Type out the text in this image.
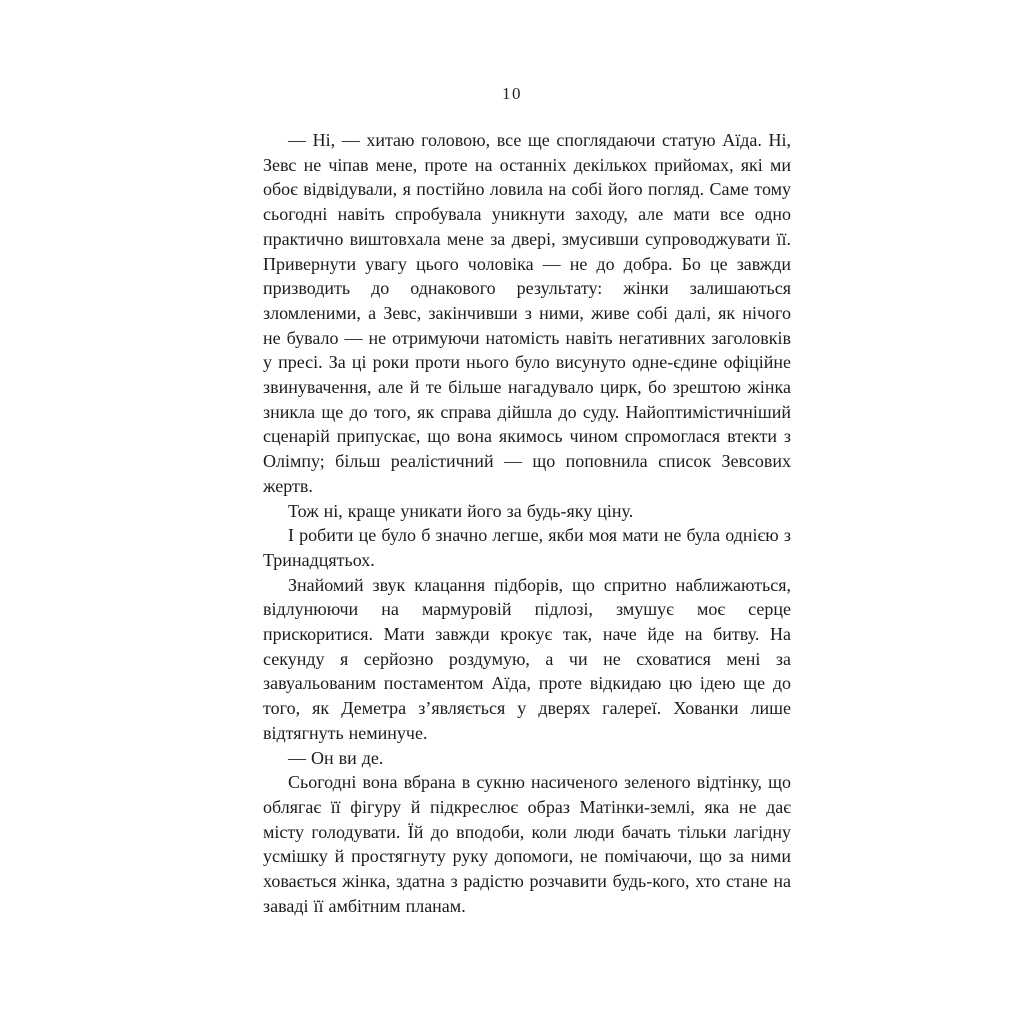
10

— Ні, — хитаю головою, все ще споглядаючи статую Аїда. Ні, Зевс не чіпав мене, проте на останніх декількох прийомах, які ми обоє відвідували, я постійно ловила на собі його погляд. Саме тому сьогодні навіть спробувала уникнути заходу, але мати все одно практично виштовхала мене за двері, змусивши супроводжувати її. Привернути увагу цього чоловіка — не до добра. Бо це завжди призводить до однакового результату: жінки залишаються зломленими, а Зевс, закінчивши з ними, живе собі далі, як нічого не бувало — не отримуючи натомість навіть негативних заголовків у пресі. За ці роки проти нього було висунуто одне-єдине офіційне звинувачення, але й те більше нагадувало цирк, бо зрештою жінка зникла ще до того, як справа дійшла до суду. Найоптимістичніший сценарій припускає, що вона якимось чином спромоглася втекти з Олімпу; більш реалістичний — що поповнила список Зевсових жертв.

Тож ні, краще уникати його за будь-яку ціну.

І робити це було б значно легше, якби моя мати не була однією з Тринадцятьох.

Знайомий звук клацання підборів, що спритно наближаються, відлунюючи на мармуровій підлозі, змушує моє серце прискоритися. Мати завжди крокує так, наче йде на битву. На секунду я серйозно роздумую, а чи не сховатися мені за завуальованим постаментом Аїда, проте відкидаю цю ідею ще до того, як Деметра з’являється у дверях галереї. Хованки лише відтягнуть неминуче.

— Он ви де.

Сьогодні вона вбрана в сукню насиченого зеленого відтінку, що облягає її фігуру й підкреслює образ Матінки-землі, яка не дає місту голодувати. Їй до вподоби, коли люди бачать тільки лагідну усмішку й простягнуту руку допомоги, не помічаючи, що за ними ховається жінка, здатна з радістю розчавити будь-кого, хто стане на заваді її амбітним планам.
